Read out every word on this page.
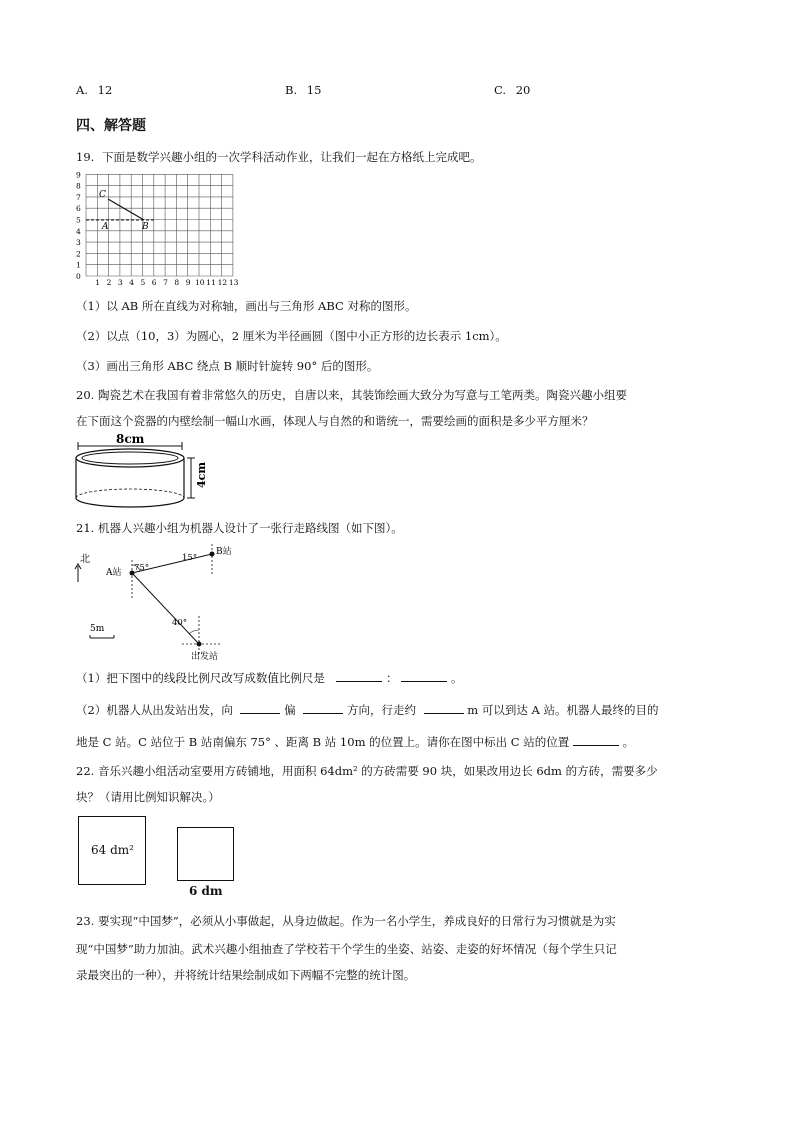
A. 12	B. 15	C. 20
四、解答题
19. 下面是数学兴趣小组的一次学科活动作业，让我们一起在方格纸上完成吧。
0
1
2
3
4
5
6
7
8
9
1 2 3 4 5 6 7 8 9 10 11 12 13
C
A	B
（1）以 AB 所在直线为对称轴，画出与三角形 ABC 对称的图形。
（2）以点（10，3）为圆心，2 厘米为半径画圆（图中小正方形的边长表示 1cm）。
（3）画出三角形 ABC 绕点 B 顺时针旋转 90° 后的图形。
20. 陶瓷艺术在我国有着非常悠久的历史，自唐以来，其装饰绘画大致分为写意与工笔两类。陶瓷兴趣小组要
在下面这个瓷器的内壁绘制一幅山水画，体现人与自然的和谐统一，需要绘画的面积是多少平方厘米？
8cm
4cm
21. 机器人兴趣小组为机器人设计了一张行走路线图（如下图）。
北
A站 75°
B站
15°
40°
出发站
5m
（1）把下图中的线段比例尺改写成数值比例尺是	：	。
（2）机器人从出发站出发，向	偏	方向，行走约	m 可以到达 A 站。机器人最终的目的
地是 C 站。C 站位于 B 站南偏东 75° 、距离 B 站 10m 的位置上。请你在图中标出 C 站的位置	。
22. 音乐兴趣小组活动室要用方砖铺地，用面积 64dm² 的方砖需要 90 块，如果改用边长 6dm 的方砖，需要多少
块？（请用比例知识解决。）
64 dm²
6 dm
23. 要实现“中国梦”，必须从小事做起，从身边做起。作为一名小学生，养成良好的日常行为习惯就是为实
现“中国梦”助力加油。武术兴趣小组抽查了学校若干个学生的坐姿、站姿、走姿的好坏情况（每个学生只记
录最突出的一种），并将统计结果绘制成如下两幅不完整的统计图。
